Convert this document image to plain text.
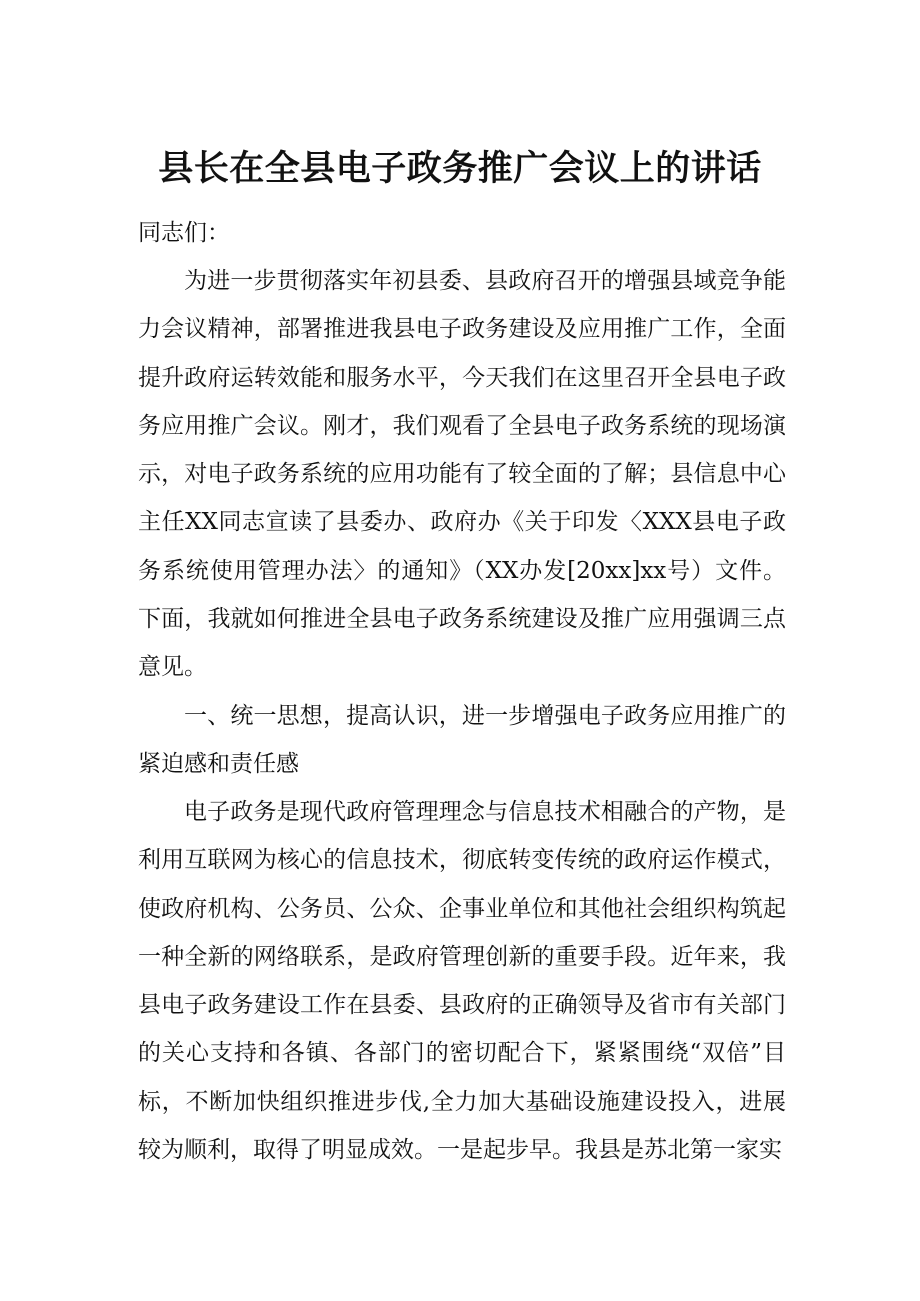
县长在全县电子政务推广会议上的讲话

同志们：

为进一步贯彻落实年初县委、县政府召开的增强县域竞争能力会议精神，部署推进我县电子政务建设及应用推广工作，全面提升政府运转效能和服务水平，今天我们在这里召开全县电子政务应用推广会议。刚才，我们观看了全县电子政务系统的现场演示，对电子政务系统的应用功能有了较全面的了解；县信息中心主任XX同志宣读了县委办、政府办《关于印发〈XXX县电子政务系统使用管理办法〉的通知》（XX办发[20xx]xx号）文件。下面，我就如何推进全县电子政务系统建设及推广应用强调三点意见。

一、统一思想，提高认识，进一步增强电子政务应用推广的紧迫感和责任感

电子政务是现代政府管理理念与信息技术相融合的产物，是利用互联网为核心的信息技术，彻底转变传统的政府运作模式，使政府机构、公务员、公众、企事业单位和其他社会组织构筑起一种全新的网络联系，是政府管理创新的重要手段。近年来，我县电子政务建设工作在县委、县政府的正确领导及省市有关部门的关心支持和各镇、各部门的密切配合下，紧紧围绕“双倍”目标，不断加快组织推进步伐,全力加大基础设施建设投入，进展较为顺利，取得了明显成效。一是起步早。我县是苏北第一家实
